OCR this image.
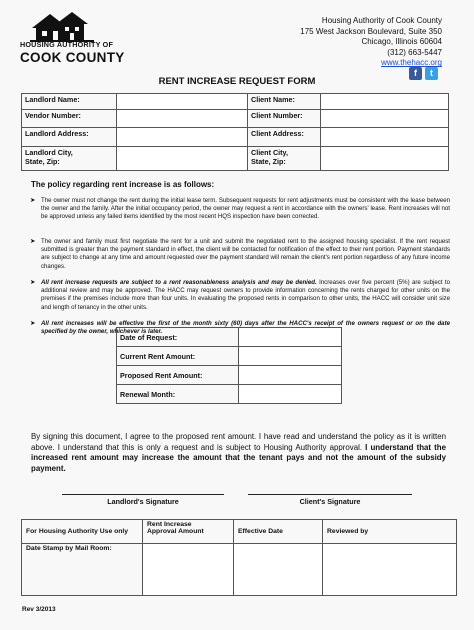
HOUSING AUTHORITY OF
COOK COUNTY
Housing Authority of Cook County
175 West Jackson Boulevard, Suite 350
Chicago, Illinois 60604
(312) 663-5447
www.thehacc.org
f t
RENT INCREASE REQUEST FORM
Landlord Name:		Client Name:	
Vendor Number:		Client Number:	
Landlord Address:		Client Address:	
Landlord City,
State, Zip:		Client City,
State, Zip:	
The policy regarding rent increase is as follows:
➤ The owner must not change the rent during the initial lease term. Subsequent requests for rent adjustments must be consistent with the lease between the owner and the family. After the initial occupancy period, the owner may request a rent in accordance with the owners' lease. Rent increases will not be approved unless any failed items identified by the most recent HQS inspection have been corrected.
➤ The owner and family must first negotiate the rent for a unit and submit the negotiated rent to the assigned housing specialist. If the rent request submitted is greater than the payment standard in effect, the client will be contacted for notification of the effect to their rent portion. Payment standards are subject to change at any time and amount requested over the payment standard will remain the client's rent portion regardless of any future income changes.
➤ All rent increase requests are subject to a rent reasonableness analysis and may be denied. Increases over five percent (5%) are subject to additional review and may be approved. The HACC may request owners to provide information concerning the rents charged for other units on the premises if the premises include more than four units. In evaluating the proposed rents in comparison to other units, the HACC will consider unit size and length of tenancy in the other units.
➤ All rent increases will be effective the first of the month sixty (60) days after the HACC's receipt of the owners request or on the date specified by the owner, whichever is later.
Date of Request:	
Current Rent Amount:	
Proposed Rent Amount:	
Renewal Month:	
By signing this document, I agree to the proposed rent amount. I have read and understand the policy as it is written above. I understand that this is only a request and is subject to Housing Authority approval. I understand that the increased rent amount may increase the amount that the tenant pays and not the amount of the subsidy payment.
Landlord's Signature	Client's Signature
For Housing Authority Use only	Rent Increase
Approval Amount	Effective Date	Reviewed by
Date Stamp by Mail Room:			
Rev 3/2013
